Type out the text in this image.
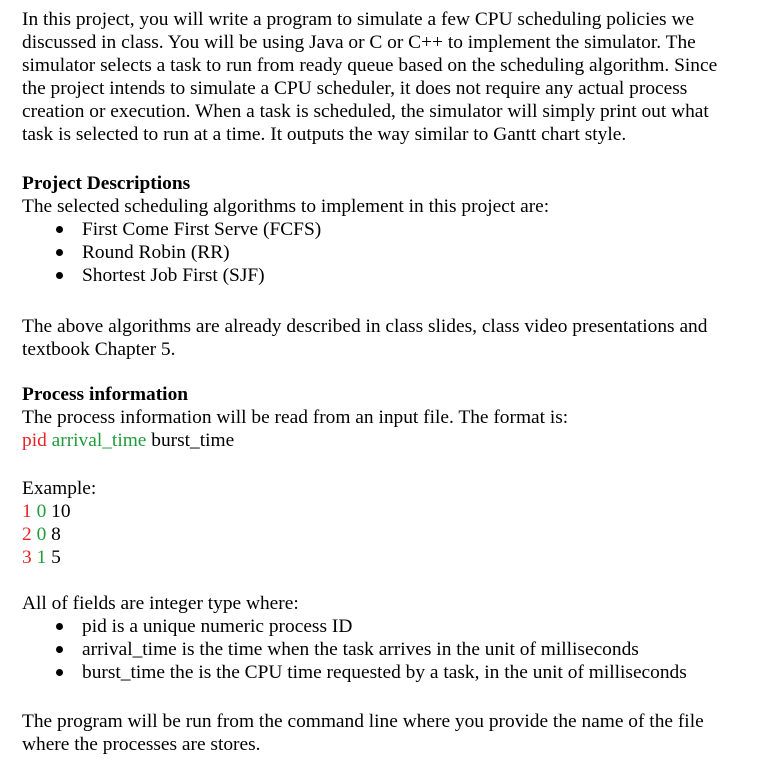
In this project, you will write a program to simulate a few CPU scheduling policies we
discussed in class. You will be using Java or C or C++ to implement the simulator. The
simulator selects a task to run from ready queue based on the scheduling algorithm. Since
the project intends to simulate a CPU scheduler, it does not require any actual process
creation or execution. When a task is scheduled, the simulator will simply print out what
task is selected to run at a time. It outputs the way similar to Gantt chart style.

Project Descriptions
The selected scheduling algorithms to implement in this project are:
First Come First Serve (FCFS)
Round Robin (RR)
Shortest Job First (SJF)

The above algorithms are already described in class slides, class video presentations and
textbook Chapter 5.

Process information
The process information will be read from an input file. The format is:
pid arrival_time burst_time
Example:
1 0 10
2 0 8
3 1 5
All of fields are integer type where:
pid is a unique numeric process ID
arrival_time is the time when the task arrives in the unit of milliseconds
burst_time the is the CPU time requested by a task, in the unit of milliseconds

The program will be run from the command line where you provide the name of the file
where the processes are stores.
